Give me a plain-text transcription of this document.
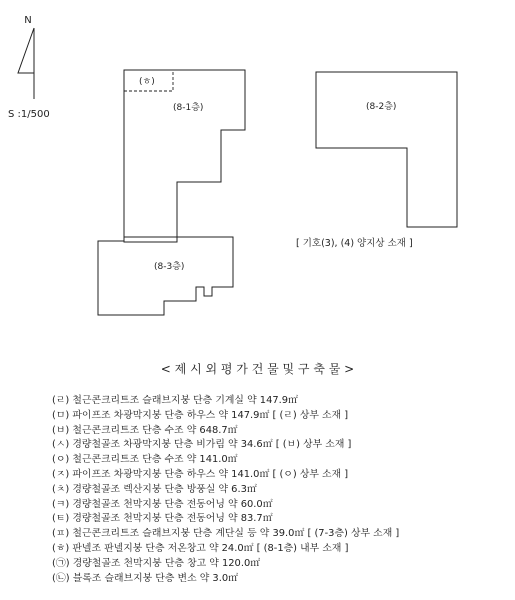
N
(ㅎ)
(8-1층)	(8-2층)
(8-3층)
S :1/500
[ 기호(3), (4) 양지상 소재 ]
< 제 시 외 평 가 건 물 및 구 축 물 >
(ㄹ) 철근콘크리트조 슬래브지붕 단층 기계실 약 147.9㎡
(ㅁ) 파이프조 차광막지붕 단층 하우스 약 147.9㎡ [ (ㄹ) 상부 소재 ]
(ㅂ) 철근콘크리트조 단층 수조 약 648.7㎡
(ㅅ) 경량철골조 차광막지붕 단층 비가림 약 34.6㎡ [ (ㅂ) 상부 소재 ]
(ㅇ) 철근콘크리트조 단층 수조 약 141.0㎡
(ㅈ) 파이프조 차광막지붕 단층 하우스 약 141.0㎡ [ (ㅇ) 상부 소재 ]
(ㅊ) 경량철골조 렉산지붕 단층 방풍실 약 6.3㎡
(ㅋ) 경량철골조 천막지붕 단층 전동어닝 약 60.0㎡
(ㅌ) 경량철골조 천막지붕 단층 전동어닝 약 83.7㎡
(ㅍ) 철근콘크리트조 슬래브지붕 단층 계단실 등 약 39.0㎡ [ (7-3층) 상부 소재 ]
(ㅎ) 판넬조 판넬지붕 단층 저온창고 약 24.0㎡ [ (8-1층) 내부 소재 ]
(㉠) 경량철골조 천막지붕 단층 창고 약 120.0㎡
(㉡) 블록조 슬래브지붕 단층 변소 약 3.0㎡
